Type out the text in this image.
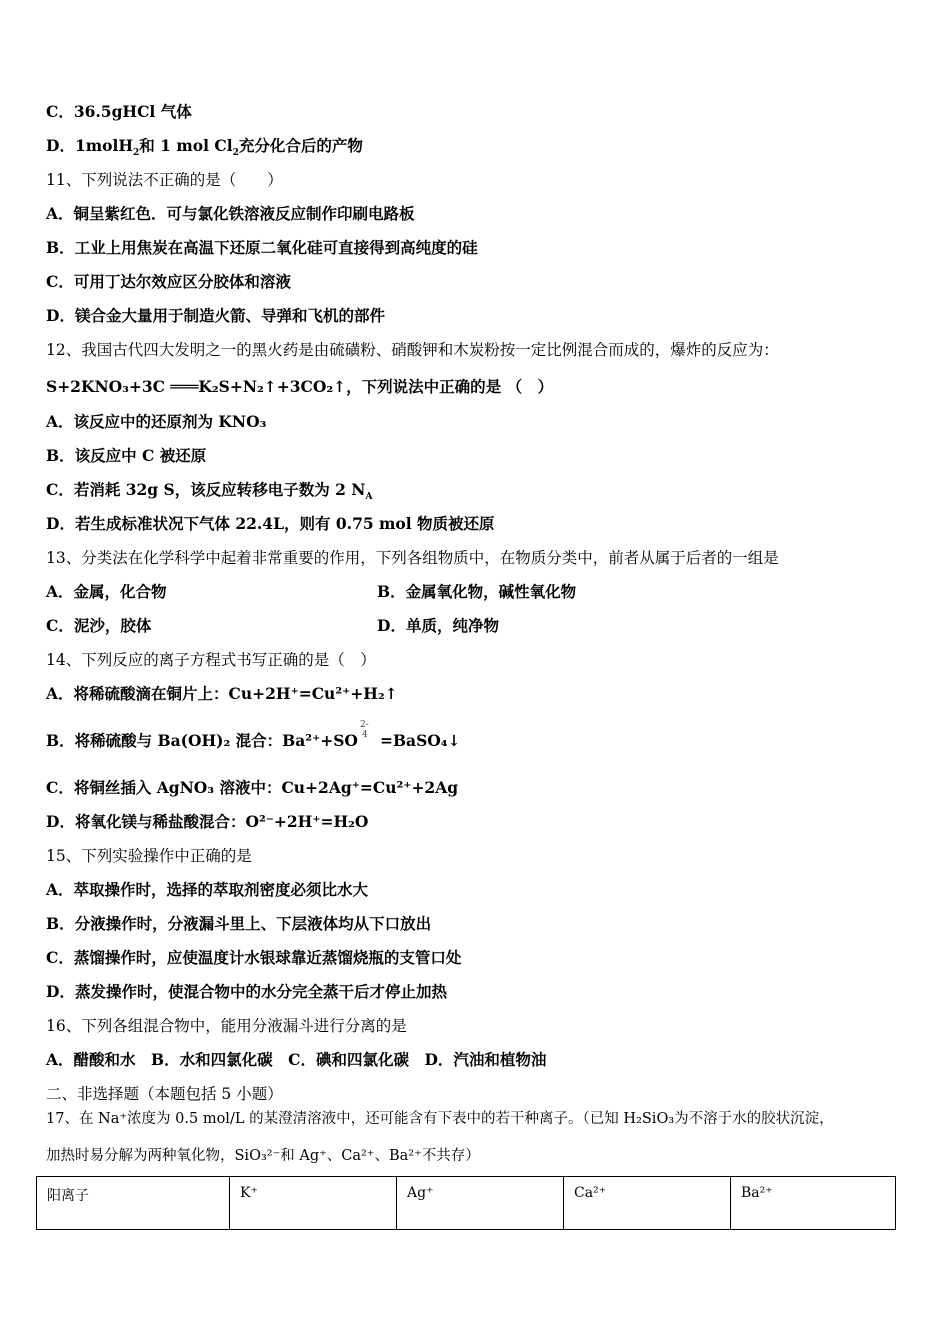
C．36.5gHCl 气体
D．1molH$_2$和 1 mol $Cl_2$充分化合后的产物
11、下列说法不正确的是（　　）
A．铜呈紫红色．可与氯化铁溶液反应制作印刷电路板
B．工业上用焦炭在高温下还原二氧化硅可直接得到高纯度的硅
C．可用丁达尔效应区分胶体和溶液
D．镁合金大量用于制造火箭、导弹和飞机的部件
12、我国古代四大发明之一的黑火药是由硫磺粉、硝酸钾和木炭粉按一定比例混合而成的，爆炸的反应为：
S+2KNO₃+3C ═══K₂S+N₂↑+3CO₂↑，下列说法中正确的是 （　）
A．该反应中的还原剂为 KNO₃
B．该反应中 C 被还原
C．若消耗 32g S，该反应转移电子数为 2 $N_A$
D．若生成标准状况下气体 22.4L，则有 0.75 mol 物质被还原
13、分类法在化学科学中起着非常重要的作用，下列各组物质中，在物质分类中，前者从属于后者的一组是
A．金属，化合物	B．金属氧化物，碱性氧化物
C．泥沙，胶体	D．单质，纯净物
14、下列反应的离子方程式书写正确的是（　）
A．将稀硫酸滴在铜片上：Cu+2H⁺=Cu²⁺+H₂↑
B．将稀硫酸与 Ba(OH)₂ 混合：Ba²⁺+SO
2-
4 =BaSO₄↓
C．将铜丝插入 AgNO₃ 溶液中：Cu+2Ag⁺=Cu²⁺+2Ag
D．将氧化镁与稀盐酸混合：O²⁻+2H⁺=H₂O
15、下列实验操作中正确的是
A．萃取操作时，选择的萃取剂密度必须比水大
B．分液操作时，分液漏斗里上、下层液体均从下口放出
C．蒸馏操作时，应使温度计水银球靠近蒸馏烧瓶的支管口处
D．蒸发操作时，使混合物中的水分完全蒸干后才停止加热
16、下列各组混合物中，能用分液漏斗进行分离的是
A．醋酸和水　B．水和四氯化碳　C．碘和四氯化碳　D．汽油和植物油
二、非选择题（本题包括 5 小题）
17、在 Na⁺浓度为 0.5 mol/L 的某澄清溶液中，还可能含有下表中的若干种离子。（已知 H₂SiO₃为不溶于水的胶状沉淀，
加热时易分解为两种氧化物，SiO₃²⁻和 Ag⁺、Ca²⁺、Ba²⁺不共存）
阳离子	K⁺	Ag⁺	Ca²⁺	Ba²⁺
